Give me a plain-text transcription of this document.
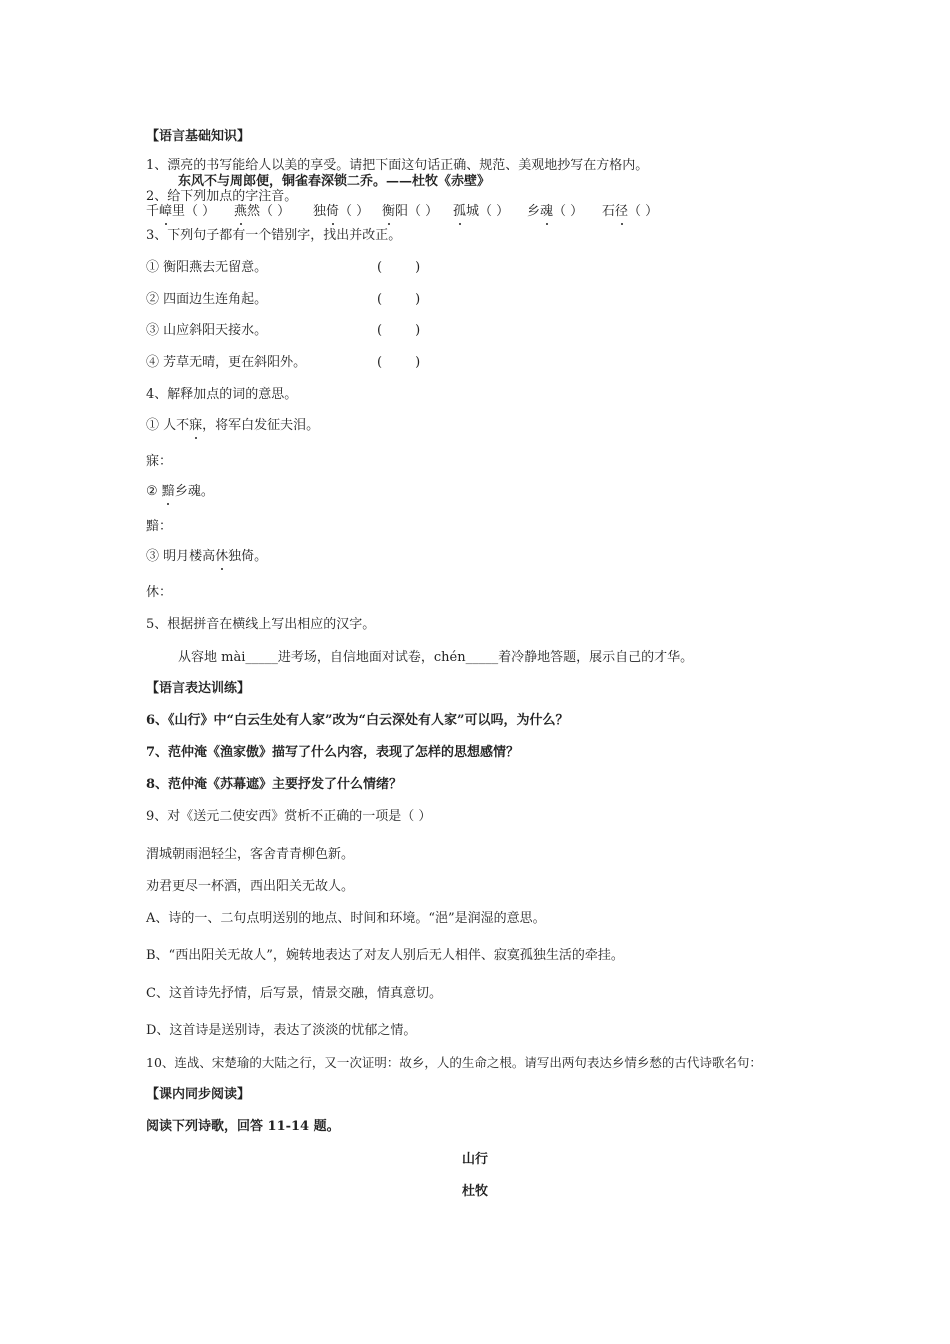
【语言基础知识】
1、漂亮的书写能给人以美的享受。请把下面这句话正确、规范、美观地抄写在方格内。
东风不与周郎便，铜雀春深锁二乔。——杜牧《赤壁》
2、给下列加点的字注音。
千嶂里（ ） 燕然（ ） 独倚（ ） 衡阳（ ） 孤城（ ） 乡魂（ ） 石径（ ）
3、下列句子都有一个错别字，找出并改正。
① 衡阳燕去无留意。	(        )
② 四面边生连角起。	(        )
③ 山应斜阳天接水。	(        )
④ 芳草无晴，更在斜阳外。	(        )
4、解释加点的词的意思。
① 人不寐，将军白发征夫泪。
寐：
② 黯乡魂。
黯：
③ 明月楼高休独倚。
休：
5、根据拼音在横线上写出相应的汉字。
从容地 mài_____进考场，自信地面对试卷，chén_____着冷静地答题，展示自己的才华。
【语言表达训练】
6、《山行》中“白云生处有人家”改为“白云深处有人家”可以吗，为什么？
7、范仲淹《渔家傲》描写了什么内容，表现了怎样的思想感情？
8、范仲淹《苏幕遮》主要抒发了什么情绪？
9、对《送元二使安西》赏析不正确的一项是（ ）
渭城朝雨浥轻尘，客舍青青柳色新。
劝君更尽一杯酒，西出阳关无故人。
A、诗的一、二句点明送别的地点、时间和环境。“浥”是润湿的意思。
B、“西出阳关无故人”，婉转地表达了对友人别后无人相伴、寂寞孤独生活的牵挂。
C、这首诗先抒情，后写景，情景交融，情真意切。
D、这首诗是送别诗，表达了淡淡的忧郁之情。
10、连战、宋楚瑜的大陆之行，又一次证明：故乡，人的生命之根。请写出两句表达乡情乡愁的古代诗歌名句：
【课内同步阅读】
阅读下列诗歌，回答 11-14 题。
山行
杜牧
